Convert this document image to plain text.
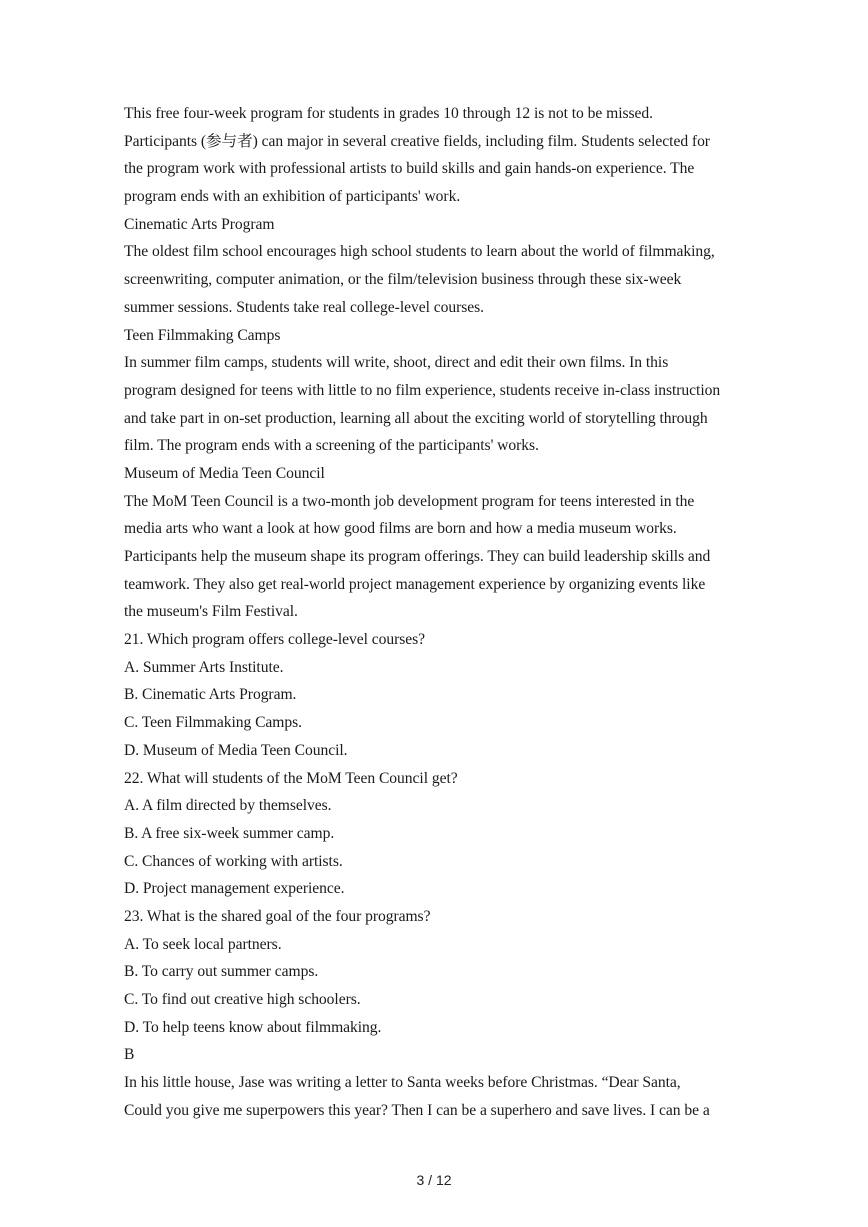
This free four-week program for students in grades 10 through 12 is not to be missed.
Participants (参与者) can major in several creative fields, including film. Students selected for
the program work with professional artists to build skills and gain hands-on experience. The
program ends with an exhibition of participants' work.
Cinematic Arts Program
The oldest film school encourages high school students to learn about the world of filmmaking,
screenwriting, computer animation, or the film/television business through these six-week
summer sessions. Students take real college-level courses.
Teen Filmmaking Camps
In summer film camps, students will write, shoot, direct and edit their own films. In this
program designed for teens with little to no film experience, students receive in-class instruction
and take part in on-set production, learning all about the exciting world of storytelling through
film. The program ends with a screening of the participants' works.
Museum of Media Teen Council
The MoM Teen Council is a two-month job development program for teens interested in the
media arts who want a look at how good films are born and how a media museum works.
Participants help the museum shape its program offerings. They can build leadership skills and
teamwork. They also get real-world project management experience by organizing events like
the museum's Film Festival.
21. Which program offers college-level courses?
A. Summer Arts Institute.
B. Cinematic Arts Program.
C. Teen Filmmaking Camps.
D. Museum of Media Teen Council.
22. What will students of the MoM Teen Council get?
A. A film directed by themselves.
B. A free six-week summer camp.
C. Chances of working with artists.
D. Project management experience.
23. What is the shared goal of the four programs?
A. To seek local partners.
B. To carry out summer camps.
C. To find out creative high schoolers.
D. To help teens know about filmmaking.
B
In his little house, Jase was writing a letter to Santa weeks before Christmas. “Dear Santa,
Could you give me superpowers this year? Then I can be a superhero and save lives. I can be a
3 / 12
